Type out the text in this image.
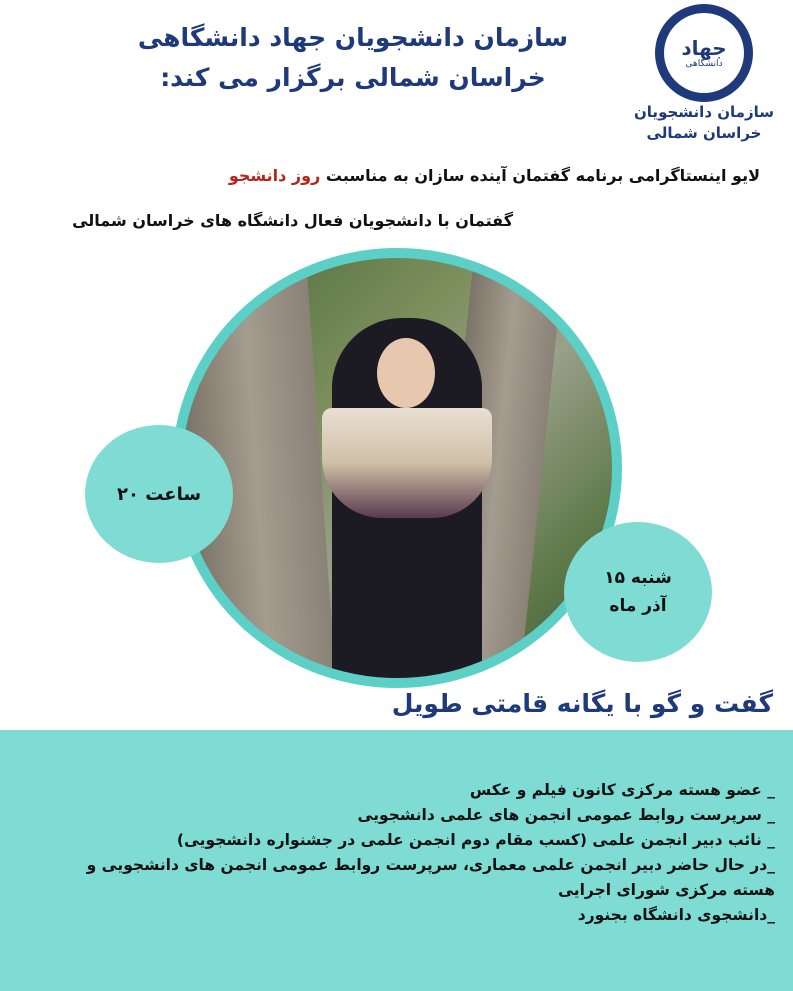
سازمان دانشجویان جهاد دانشگاهی خراسان شمالی برگزار می کند:
جهاد
دانشگاهی
سازمان دانشجویان خراسان شمالی
لایو اینستاگرامی برنامه گفتمان آینده سازان به مناسبت روز دانشجو
گفتمان با دانشجویان فعال دانشگاه های خراسان شمالی
ساعت ۲۰
شنبه ۱۵
آذر ماه
گفت و گو با یگانه قامتی طویل
_ عضو هسته مرکزی کانون فیلم و عکس
_ سرپرست روابط عمومی انجمن های علمی دانشجویی
_ نائب دبیر انجمن علمی (کسب مقام دوم انجمن علمی در جشنواره دانشجویی)
_در حال حاضر دبیر انجمن علمی معماری، سرپرست روابط عمومی انجمن های دانشجویی و
هسته مرکزی شورای اجرایی
_دانشجوی دانشگاه بجنورد
